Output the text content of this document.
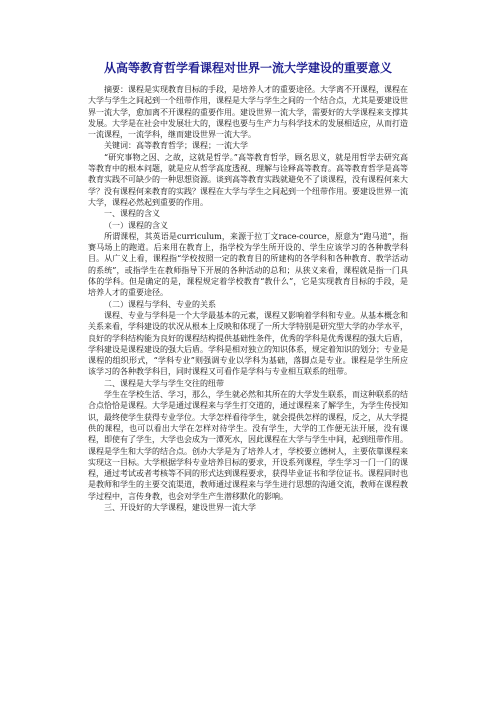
从高等教育哲学看课程对世界一流大学建设的重要意义

摘要：课程是实现教育目标的手段，是培养人才的重要途径。大学离不开课程，课程在大学与学生之间起到一个纽带作用，课程是大学与学生之间的一个结合点，尤其是要建设世界一流大学，愈加离不开课程的重要作用。建设世界一流大学，需要好的大学课程来支撑其发展。大学是在社会中发展壮大的，课程也要与生产力与科学技术的发展相适应，从而打造一流课程，一流学科，继而建设世界一流大学。

关键词：高等教育哲学；课程；一流大学

“研究事物之因、之故，这就是哲学。”高等教育哲学，顾名思义，就是用哲学去研究高等教育中的根本问题，就是应从哲学高度透视、理解与诠释高等教育。高等教育哲学是高等教育实践不可缺少的一种思想资源。谈到高等教育实践就避免不了谈课程，没有课程何来大学？没有课程何来教育的实践？课程在大学与学生之间起到一个纽带作用。要建设世界一流大学，课程必然起到重要的作用。

一、课程的含义

（一）课程的含义

所谓课程，其英语是curriculum，来源于拉丁文race-cource，原意为“跑马道”，指赛马场上的跑道。后来用在教育上，指学校为学生所开设的、学生应该学习的各种教学科目。从广义上看，课程指“学校按照一定的教育目的所建构的各学科和各种教育、教学活动的系统”，或指学生在教师指导下开展的各种活动的总和；从狭义来看，课程就是指一门具体的学科。但是确定的是，课程规定着学校教育“教什么”，它是实现教育目标的手段，是培养人才的重要途径。

（二）课程与学科、专业的关系

课程、专业与学科是一个大学最基本的元素，课程又影响着学科和专业。从基本概念和关系来看，学科建设的状况从根本上反映和体现了一所大学特别是研究型大学的办学水平，良好的学科结构能为良好的课程结构提供基础性条件，优秀的学科是优秀课程的强大后盾，学科建设是课程建设的强大后盾。学科是相对独立的知识体系，规定着知识的划分；专业是课程的组织形式，“学科专业”则强调专业以学科为基础，落脚点是专业。课程是学生所应该学习的各种教学科目，同时课程又可看作是学科与专业相互联系的纽带。

二、课程是大学与学生交往的纽带

学生在学校生活、学习，那么，学生就必然和其所在的大学发生联系，而这种联系的结合点恰恰是课程。大学是通过课程来与学生打交道的，通过课程来了解学生，为学生传授知识，最终使学生获得专业学位。大学怎样看待学生，就会提供怎样的课程，反之，从大学提供的课程，也可以看出大学在怎样对待学生。没有学生，大学的工作便无法开展，没有课程，即使有了学生，大学也会成为一潭死水，因此课程在大学与学生中间，起到纽带作用。

课程是学生和大学的结合点。创办大学是为了培养人才，学校要立德树人，主要依靠课程来实现这一目标。大学根据学科专业培养目标的要求，开设系列课程，学生学习一门一门的课程，通过考试或者考核等不同的形式达到课程要求，获得毕业证书和学位证书。课程同时也是教师和学生的主要交流渠道，教师通过课程来与学生进行思想的沟通交流，教师在课程教学过程中，言传身教，也会对学生产生潜移默化的影响。

三、开设好的大学课程，建设世界一流大学
